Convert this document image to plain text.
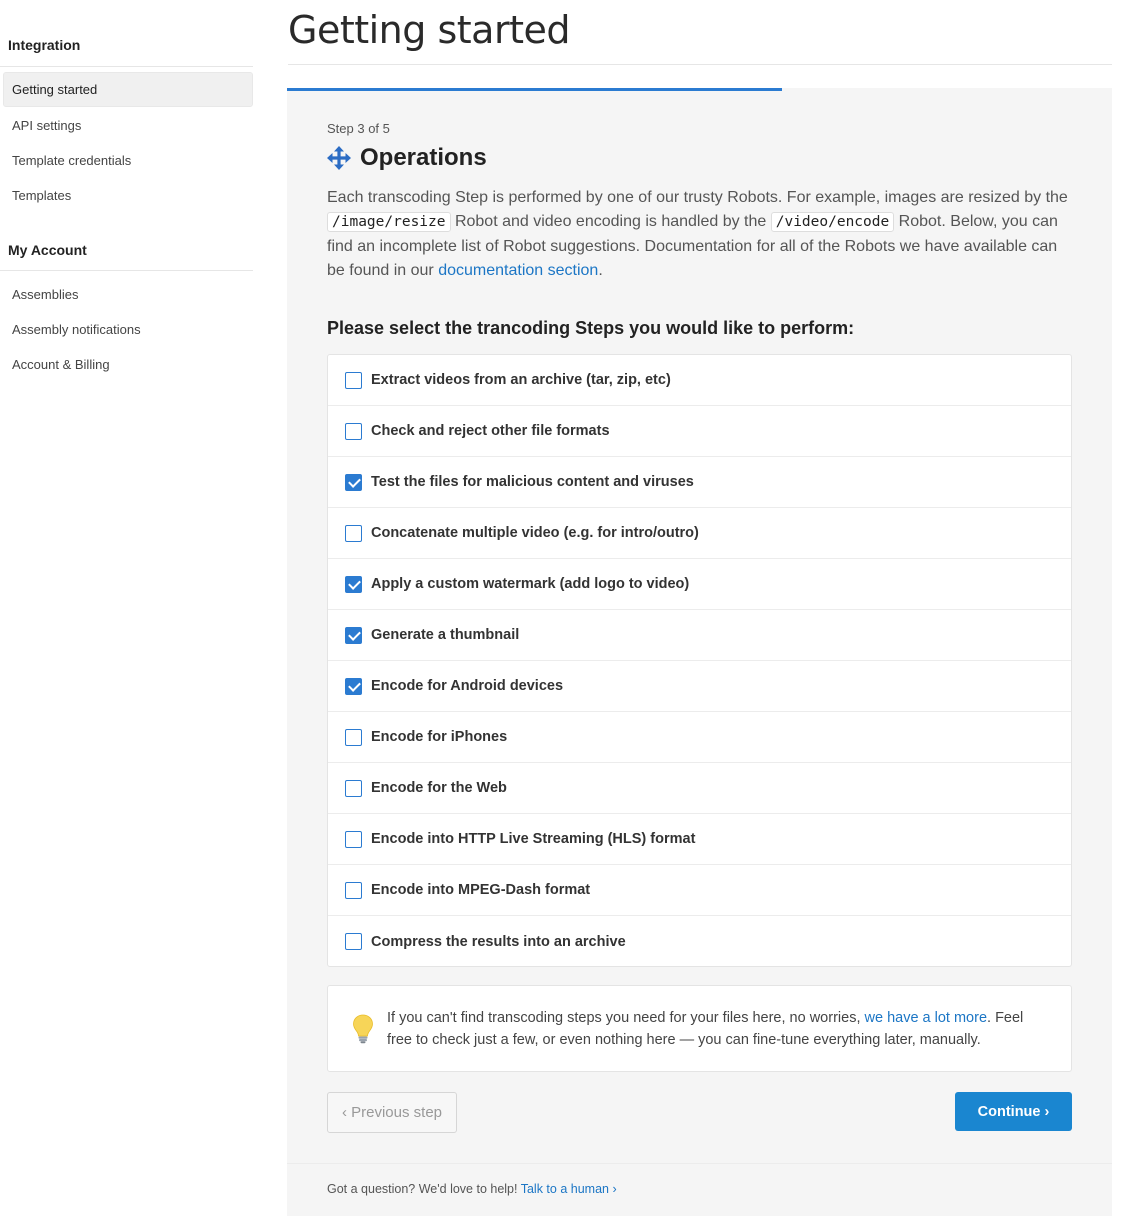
Integration
Getting started
API settings
Template credentials
Templates
My Account
Assemblies
Assembly notifications
Account & Billing
Getting started
Step 3 of 5
Operations

Each transcoding Step is performed by one of our trusty Robots. For example, images are resized by the /image/resize Robot and video encoding is handled by the /video/encode Robot. Below, you can find an incomplete list of Robot suggestions. Documentation for all of the Robots we have available can be found in our documentation section.

Please select the trancoding Steps you would like to perform:
Extract videos from an archive (tar, zip, etc)
Check and reject other file formats
Test the files for malicious content and viruses
Concatenate multiple video (e.g. for intro/outro)
Apply a custom watermark (add logo to video)
Generate a thumbnail
Encode for Android devices
Encode for iPhones
Encode for the Web
Encode into HTTP Live Streaming (HLS) format
Encode into MPEG-Dash format
Compress the results into an archive

If you can't find transcoding steps you need for your files here, no worries, we have a lot more. Feel free to check just a few, or even nothing here — you can fine-tune everything later, manually.

‹ Previous step	Continue ›
Got a question? We'd love to help! Talk to a human ›
